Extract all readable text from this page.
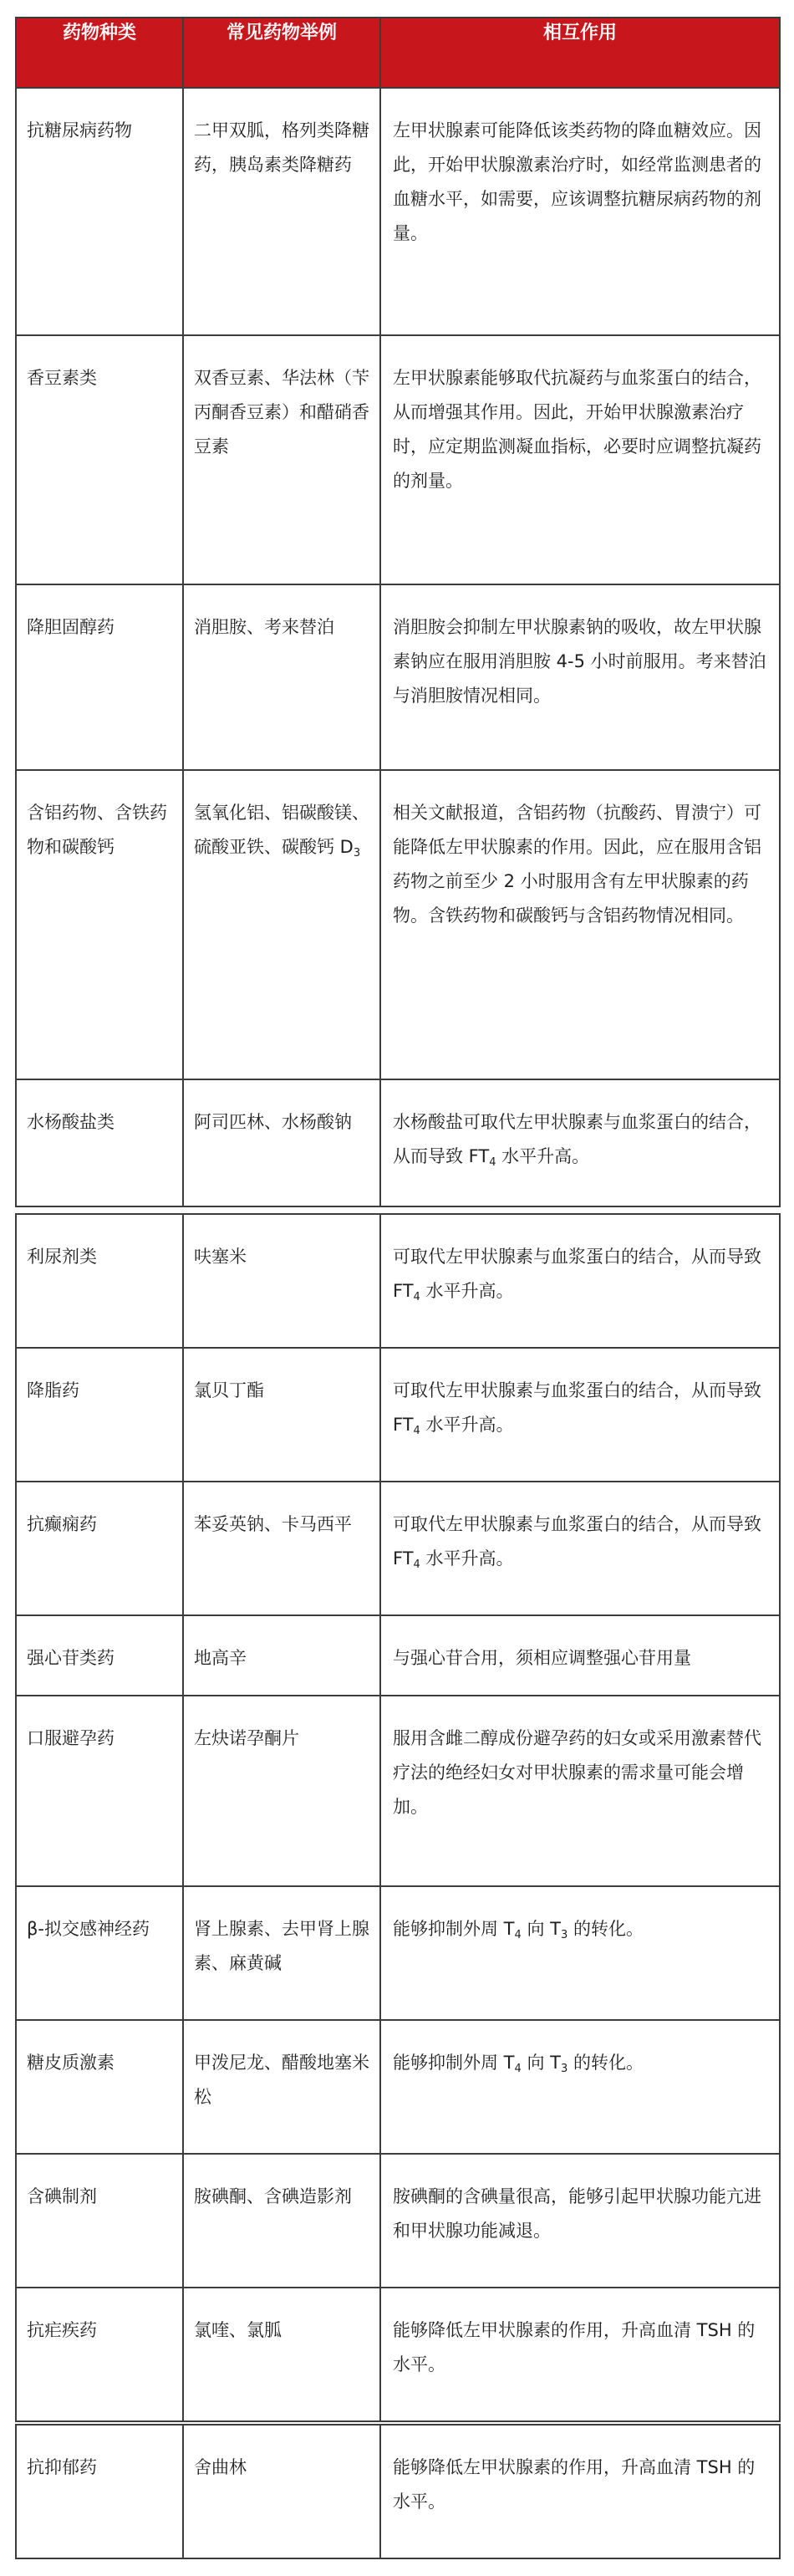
药物种类	常见药物举例	相互作用

抗糖尿病药物	二甲双胍，格列类降糖药，胰岛素类降糖药	左甲状腺素可能降低该类药物的降血糖效应。因此，开始甲状腺激素治疗时，如经常监测患者的血糖水平，如需要，应该调整抗糖尿病药物的剂量。

香豆素类	双香豆素、华法林（苄丙酮香豆素）和醋硝香豆素	左甲状腺素能够取代抗凝药与血浆蛋白的结合，从而增强其作用。因此，开始甲状腺激素治疗时，应定期监测凝血指标，必要时应调整抗凝药的剂量。

降胆固醇药	消胆胺、考来替泊	消胆胺会抑制左甲状腺素钠的吸收，故左甲状腺素钠应在服用消胆胺 4-5 小时前服用。考来替泊与消胆胺情况相同。

含铝药物、含铁药物和碳酸钙	氢氧化铝、铝碳酸镁、硫酸亚铁、碳酸钙 $D_3$	相关文献报道，含铝药物（抗酸药、胃溃宁）可能降低左甲状腺素的作用。因此，应在服用含铝药物之前至少 2 小时服用含有左甲状腺素的药物。含铁药物和碳酸钙与含铝药物情况相同。

水杨酸盐类	阿司匹林、水杨酸钠	水杨酸盐可取代左甲状腺素与血浆蛋白的结合，从而导致 $FT_4$ 水平升高。
利尿剂类	呋塞米	可取代左甲状腺素与血浆蛋白的结合，从而导致 $FT_4$ 水平升高。

降脂药	氯贝丁酯	可取代左甲状腺素与血浆蛋白的结合，从而导致 $FT_4$ 水平升高。

抗癫痫药	苯妥英钠、卡马西平	可取代左甲状腺素与血浆蛋白的结合，从而导致 $FT_4$ 水平升高。

强心苷类药	地高辛	与强心苷合用，须相应调整强心苷用量

口服避孕药	左炔诺孕酮片	服用含雌二醇成份避孕药的妇女或采用激素替代疗法的绝经妇女对甲状腺素的需求量可能会增加。

β-拟交感神经药	肾上腺素、去甲肾上腺素、麻黄碱	能够抑制外周 $T_4$ 向 $T_3$ 的转化。

糖皮质激素	甲泼尼龙、醋酸地塞米松	能够抑制外周 $T_4$ 向 $T_3$ 的转化。

含碘制剂	胺碘酮、含碘造影剂	胺碘酮的含碘量很高，能够引起甲状腺功能亢进和甲状腺功能减退。

抗疟疾药	氯喹、氯胍	能够降低左甲状腺素的作用，升高血清 TSH 的水平。
抗抑郁药	舍曲林	能够降低左甲状腺素的作用，升高血清 TSH 的水平。
